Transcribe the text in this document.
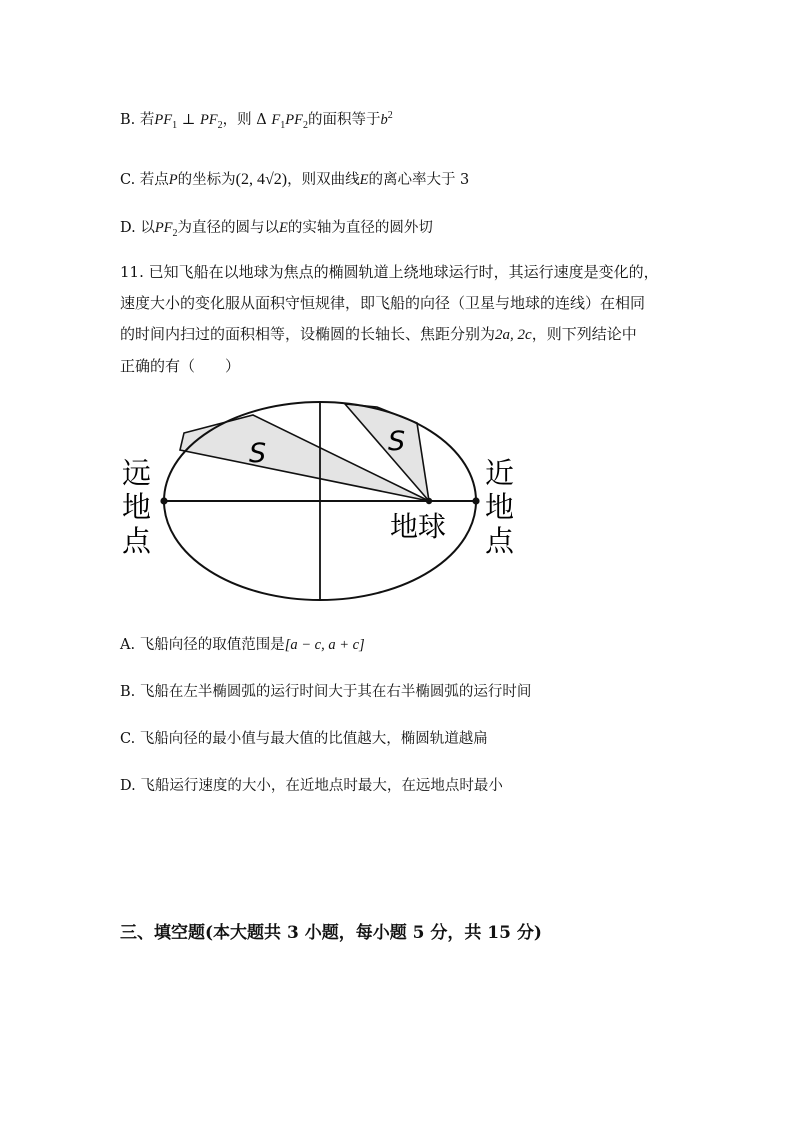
B. 若$PF_1$ ⊥ $PF_2$，则 Δ $F_1PF_2$的面积等于$b^2$
C. 若点P的坐标为(2, 4√2)，则双曲线E的离心率大于 3
D. 以$PF_2$为直径的圆与以E的实轴为直径的圆外切
11. 已知飞船在以地球为焦点的椭圆轨道上绕地球运行时，其运行速度是变化的，
速度大小的变化服从面积守恒规律，即飞船的向径（卫星与地球的连线）在相同
的时间内扫过的面积相等，设椭圆的长轴长、焦距分别为2a, 2c，则下列结论中
正确的有（　　）
S	S
远
地
点
近
地
点
地球
A. 飞船向径的取值范围是[a − c, a + c]
B. 飞船在左半椭圆弧的运行时间大于其在右半椭圆弧的运行时间
C. 飞船向径的最小值与最大值的比值越大，椭圆轨道越扁
D. 飞船运行速度的大小，在近地点时最大，在远地点时最小
三、填空题(本大题共 3 小题，每小题 5 分，共 15 分)
